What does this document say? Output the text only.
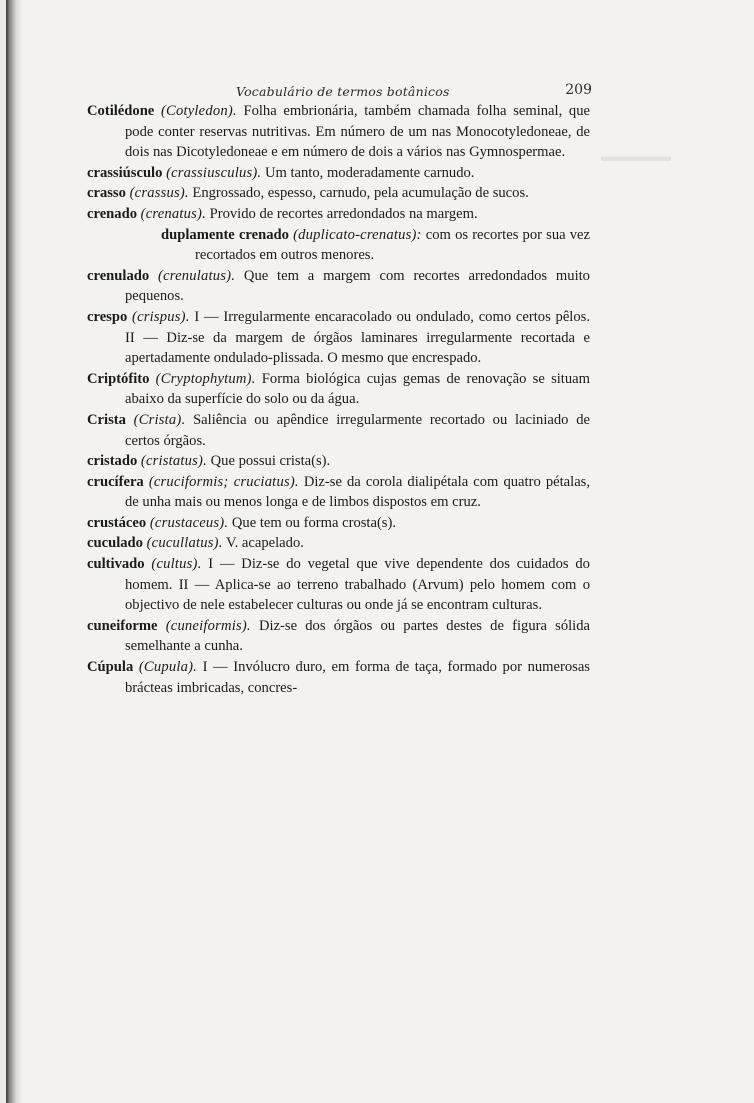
▬▬▬▬▬
Vocabulário de termos botânicos	209

Cotilédone (Cotyledon). Folha embrionária, também chamada folha seminal, que pode conter reservas nutritivas. Em número de um nas Monocotyledoneae, de dois nas Dicotyledoneae e em número de dois a vários nas Gymnospermae.

crassiúsculo (crassiusculus). Um tanto, moderadamente carnudo.

crasso (crassus). Engrossado, espesso, carnudo, pela acumulação de sucos.

crenado (crenatus). Provido de recortes arredondados na margem.

duplamente crenado (duplicato-crenatus): com os recortes por sua vez recortados em outros menores.

crenulado (crenulatus). Que tem a margem com recortes arredondados muito pequenos.

crespo (crispus). I — Irregularmente encaracolado ou ondulado, como certos pêlos. II — Diz-se da margem de órgãos laminares irregularmente recortada e apertadamente ondulado-plissada. O mesmo que encrespado.

Criptófito (Cryptophytum). Forma biológica cujas gemas de renovação se situam abaixo da superfície do solo ou da água.

Crista (Crista). Saliência ou apêndice irregularmente recortado ou laciniado de certos órgãos.

cristado (cristatus). Que possui crista(s).

crucífera (cruciformis; cruciatus). Diz-se da corola dialipétala com quatro pétalas, de unha mais ou menos longa e de limbos dispostos em cruz.

crustáceo (crustaceus). Que tem ou forma crosta(s).

cuculado (cucullatus). V. acapelado.

cultivado (cultus). I — Diz-se do vegetal que vive dependente dos cuidados do homem. II — Aplica-se ao terreno trabalhado (Arvum) pelo homem com o objectivo de nele estabelecer culturas ou onde já se encontram culturas.

cuneiforme (cuneiformis). Diz-se dos órgãos ou partes destes de figura sólida semelhante a cunha.

Cúpula (Cupula). I — Invólucro duro, em forma de taça, formado por numerosas brácteas imbricadas, concres-
